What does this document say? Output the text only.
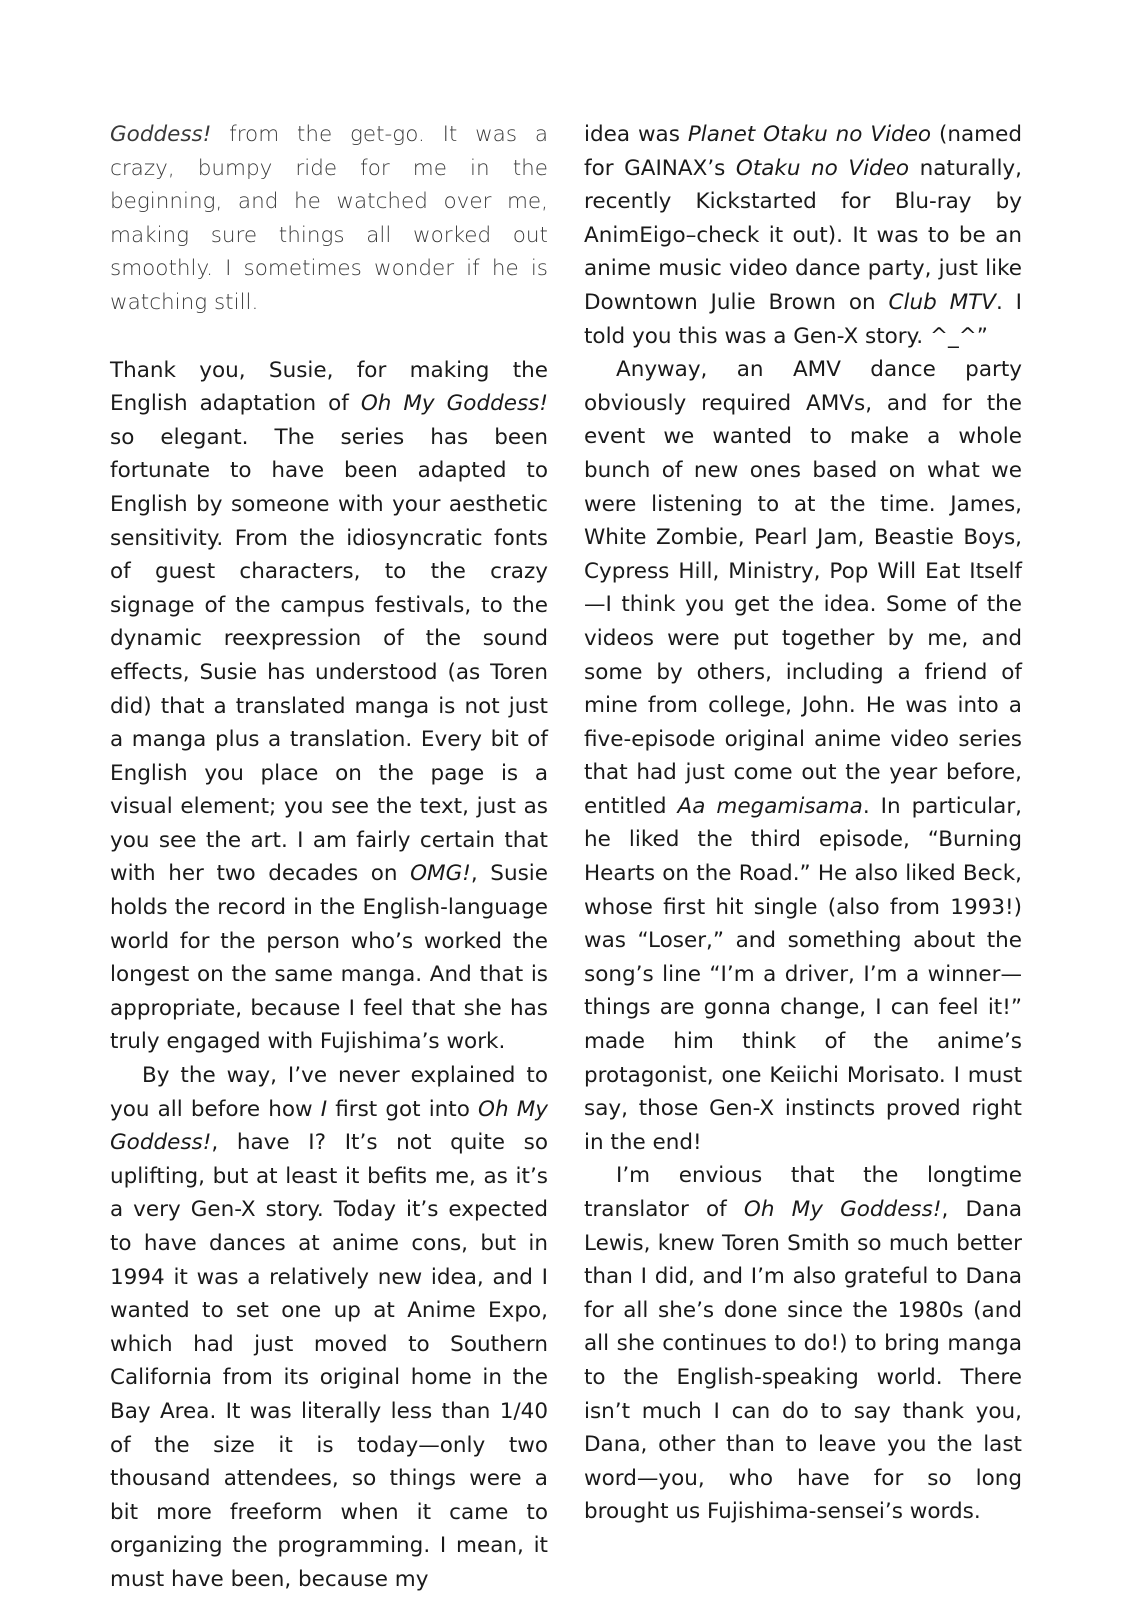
Goddess! from the get-go. It was a crazy, bumpy ride for me in the beginning, and he watched over me, making sure things all worked out smoothly. I sometimes wonder if he is watching still.

Thank you, Susie, for making the English adaptation of Oh My Goddess! so elegant. The series has been fortunate to have been adapted to English by someone with your aesthetic sensitivity. From the idiosyncratic fonts of guest characters, to the crazy signage of the campus festivals, to the dynamic reexpression of the sound effects, Susie has understood (as Toren did) that a translated manga is not just a manga plus a translation. Every bit of English you place on the page is a visual element; you see the text, just as you see the art. I am fairly certain that with her two decades on OMG!, Susie holds the record in the English-language world for the person who’s worked the longest on the same manga. And that is appropriate, because I feel that she has truly engaged with Fujishima’s work.

By the way, I’ve never explained to you all before how I first got into Oh My Goddess!, have I? It’s not quite so uplifting, but at least it befits me, as it’s a very Gen-X story. Today it’s expected to have dances at anime cons, but in 1994 it was a relatively new idea, and I wanted to set one up at Anime Expo, which had just moved to Southern California from its original home in the Bay Area. It was literally less than 1/40 of the size it is today—only two thousand attendees, so things were a bit more freeform when it came to organizing the programming. I mean, it must have been, because my

idea was Planet Otaku no Video (named for GAINAX’s Otaku no Video naturally, recently Kickstarted for Blu-ray by AnimEigo–check it out). It was to be an anime music video dance party, just like Downtown Julie Brown on Club MTV. I told you this was a Gen-X story. ^_^”

Anyway, an AMV dance party obviously required AMVs, and for the event we wanted to make a whole bunch of new ones based on what we were listening to at the time. James, White Zombie, Pearl Jam, Beastie Boys, Cypress Hill, Ministry, Pop Will Eat Itself—I think you get the idea. Some of the videos were put together by me, and some by others, including a friend of mine from college, John. He was into a five-episode original anime video series that had just come out the year before, entitled Aa megamisama. In particular, he liked the third episode, “Burning Hearts on the Road.” He also liked Beck, whose first hit single (also from 1993!) was “Loser,” and something about the song’s line “I’m a driver, I’m a winner—things are gonna change, I can feel it!” made him think of the anime’s protagonist, one Keiichi Morisato. I must say, those Gen-X instincts proved right in the end!

I’m envious that the longtime translator of Oh My Goddess!, Dana Lewis, knew Toren Smith so much better than I did, and I’m also grateful to Dana for all she’s done since the 1980s (and all she continues to do!) to bring manga to the English-speaking world. There isn’t much I can do to say thank you, Dana, other than to leave you the last word—you, who have for so long brought us Fujishima-sensei’s words.
